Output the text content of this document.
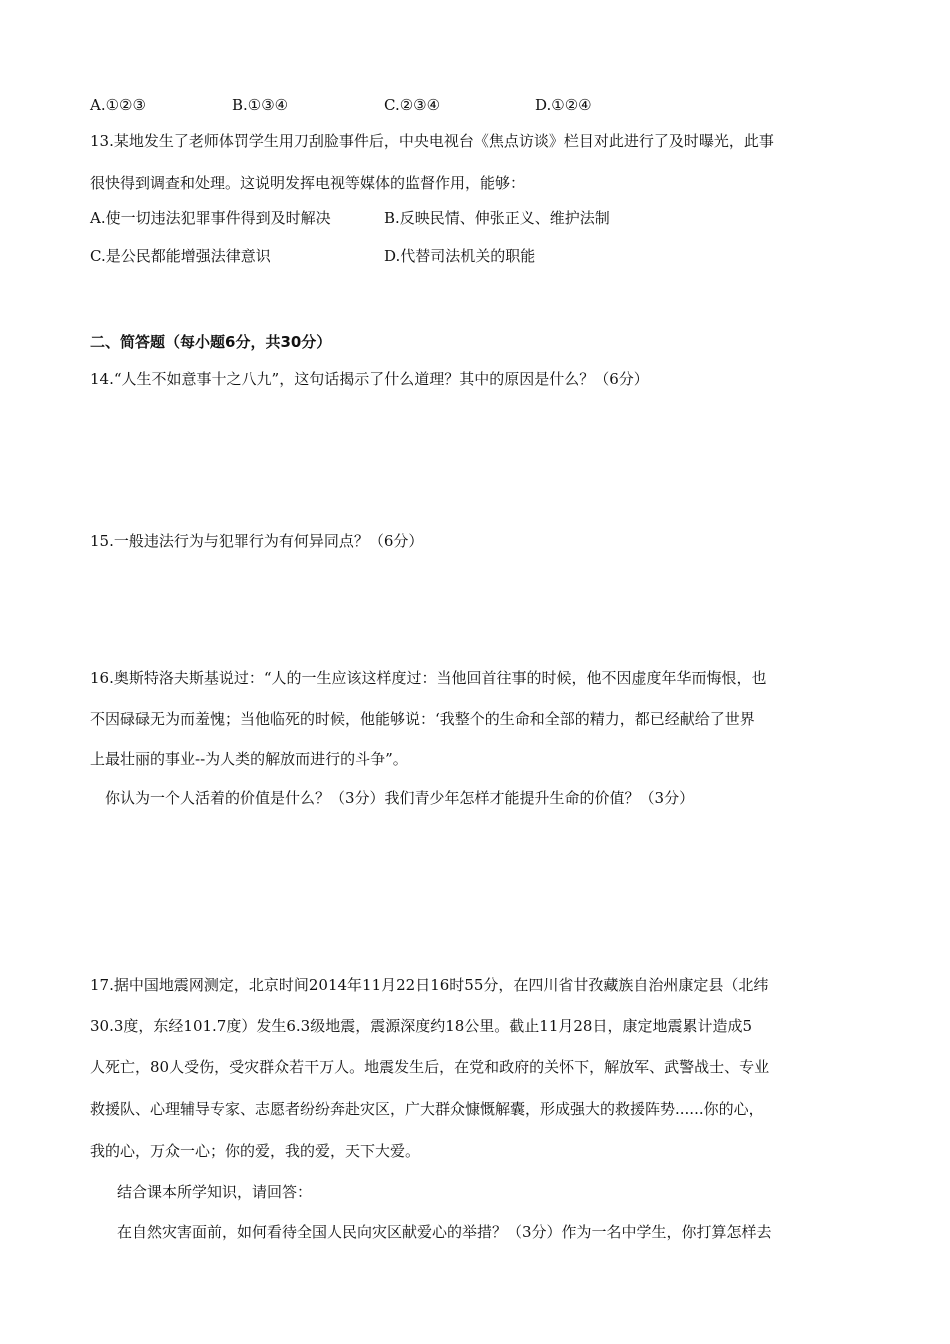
A.①②③	B.①③④	C.②③④	D.①②④
13.某地发生了老师体罚学生用刀刮脸事件后，中央电视台《焦点访谈》栏目对此进行了及时曝光，此事
很快得到调查和处理。这说明发挥电视等媒体的监督作用，能够：
A.使一切违法犯罪事件得到及时解决	B.反映民情、伸张正义、维护法制
C.是公民都能增强法律意识	D.代替司法机关的职能
二、简答题（每小题6分，共30分）
14.“人生不如意事十之八九”，这句话揭示了什么道理？其中的原因是什么？（6分）
15.一般违法行为与犯罪行为有何异同点？（6分）
16.奥斯特洛夫斯基说过：“人的一生应该这样度过：当他回首往事的时候，他不因虚度年华而悔恨，也
不因碌碌无为而羞愧；当他临死的时候，他能够说：‘我整个的生命和全部的精力，都已经献给了世界
上最壮丽的事业--为人类的解放而进行的斗争”。
你认为一个人活着的价值是什么？（3分）我们青少年怎样才能提升生命的价值？（3分）
17.据中国地震网测定，北京时间2014年11月22日16时55分，在四川省甘孜藏族自治州康定县（北纬
30.3度，东经101.7度）发生6.3级地震，震源深度约18公里。截止11月28日，康定地震累计造成5
人死亡，80人受伤，受灾群众若干万人。地震发生后，在党和政府的关怀下，解放军、武警战士、专业
救援队、心理辅导专家、志愿者纷纷奔赴灾区，广大群众慷慨解囊，形成强大的救援阵势......你的心，
我的心，万众一心；你的爱，我的爱，天下大爱。
结合课本所学知识，请回答：
在自然灾害面前，如何看待全国人民向灾区献爱心的举措？（3分）作为一名中学生，你打算怎样去
